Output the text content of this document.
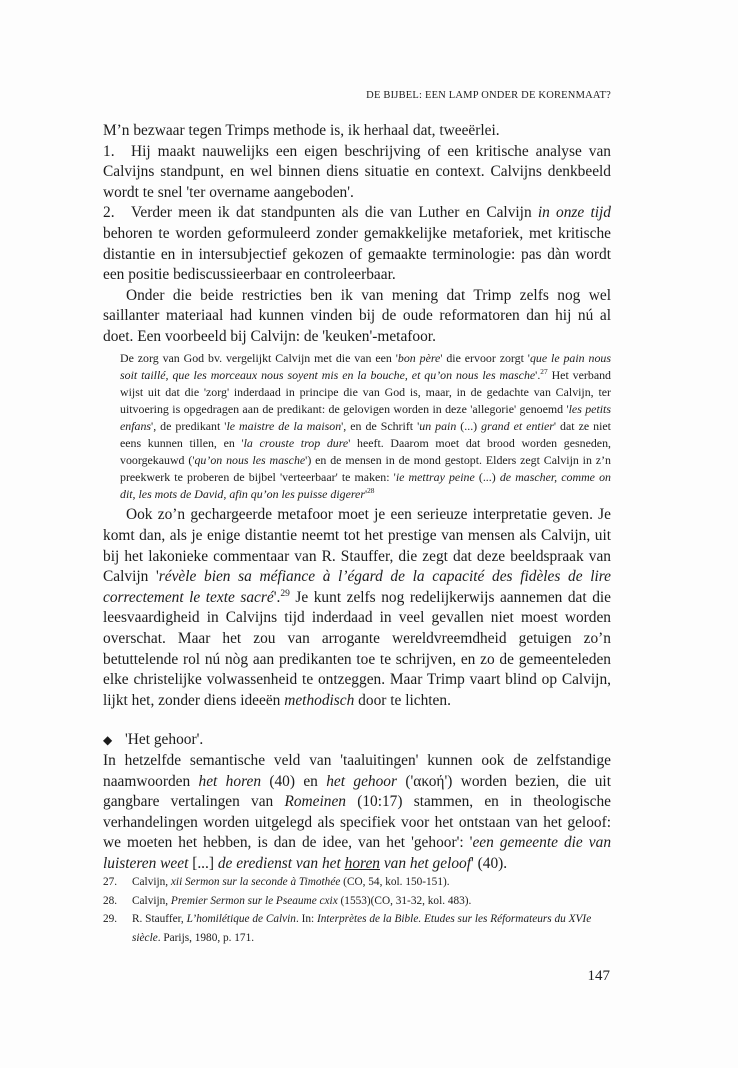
DE BIJBEL: EEN LAMP ONDER DE KORENMAAT?

M’n bezwaar tegen Trimps methode is, ik herhaal dat, tweeërlei.

1. Hij maakt nauwelijks een eigen beschrijving of een kritische analyse van Calvijns standpunt, en wel binnen diens situatie en context. Calvijns denkbeeld wordt te snel 'ter overname aangeboden'.

2. Verder meen ik dat standpunten als die van Luther en Calvijn in onze tijd behoren te worden geformuleerd zonder gemakkelijke metaforiek, met kritische distantie en in intersubjectief gekozen of gemaakte terminologie: pas dàn wordt een positie bediscussieerbaar en controleerbaar.

Onder die beide restricties ben ik van mening dat Trimp zelfs nog wel saillanter materiaal had kunnen vinden bij de oude reformatoren dan hij nú al doet. Een voorbeeld bij Calvijn: de 'keuken'-metafoor.

De zorg van God bv. vergelijkt Calvijn met die van een 'bon père' die ervoor zorgt 'que le pain nous soit taillé, que les morceaux nous soyent mis en la bouche, et qu’on nous les masche'.$^{27}$ Het verband wijst uit dat die 'zorg' inderdaad in principe die van God is, maar, in de gedachte van Calvijn, ter uitvoering is opgedragen aan de predikant: de gelovigen worden in deze 'allegorie' genoemd 'les petits enfans', de predikant 'le maistre de la maison', en de Schrift 'un pain (...) grand et entier' dat ze niet eens kunnen tillen, en 'la crouste trop dure' heeft. Daarom moet dat brood worden gesneden, voorgekauwd ('qu’on nous les masche') en de mensen in de mond gestopt. Elders zegt Calvijn in z’n preekwerk te proberen de bijbel 'verteerbaar' te maken: 'ie mettray peine (...) de mascher, comme on dit, les mots de David, afin qu’on les puisse $digerer'^{28}$

Ook zo’n gechargeerde metafoor moet je een serieuze interpretatie geven. Je komt dan, als je enige distantie neemt tot het prestige van mensen als Calvijn, uit bij het lakonieke commentaar van R. Stauffer, die zegt dat deze beeldspraak van Calvijn 'révèle bien sa méfiance à l’égard de la capacité des fidèles de lire correctement le texte sacré'.$^{29}$ Je kunt zelfs nog redelijkerwijs aannemen dat die leesvaardigheid in Calvijns tijd inderdaad in veel gevallen niet moest worden overschat. Maar het zou van arrogante wereldvreemdheid getuigen zo’n betuttelende rol nú nòg aan predikanten toe te schrijven, en zo de gemeenteleden elke christelijke volwassenheid te ontzeggen. Maar Trimp vaart blind op Calvijn, lijkt het, zonder diens ideeën methodisch door te lichten.

◆ 'Het gehoor'.

In hetzelfde semantische veld van 'taaluitingen' kunnen ook de zelfstandige naamwoorden het horen (40) en het gehoor ('ακοή') worden bezien, die uit gangbare vertalingen van Romeinen (10:17) stammen, en in theologische verhandelingen worden uitgelegd als specifiek voor het ontstaan van het geloof: we moeten het hebben, is dan de idee, van het 'gehoor': 'een gemeente die van luisteren weet [...] de eredienst van het horen van het geloof' (40).

27. Calvijn, xii Sermon sur la seconde à Timothée (CO, 54, kol. 150-151).
28. Calvijn, Premier Sermon sur le Pseaume cxix (1553)(CO, 31-32, kol. 483).
29. R. Stauffer, L’homilétique de Calvin. In: Interprètes de la Bible. Etudes sur les Réformateurs du XVIe siècle. Parijs, 1980, p. 171.
147
